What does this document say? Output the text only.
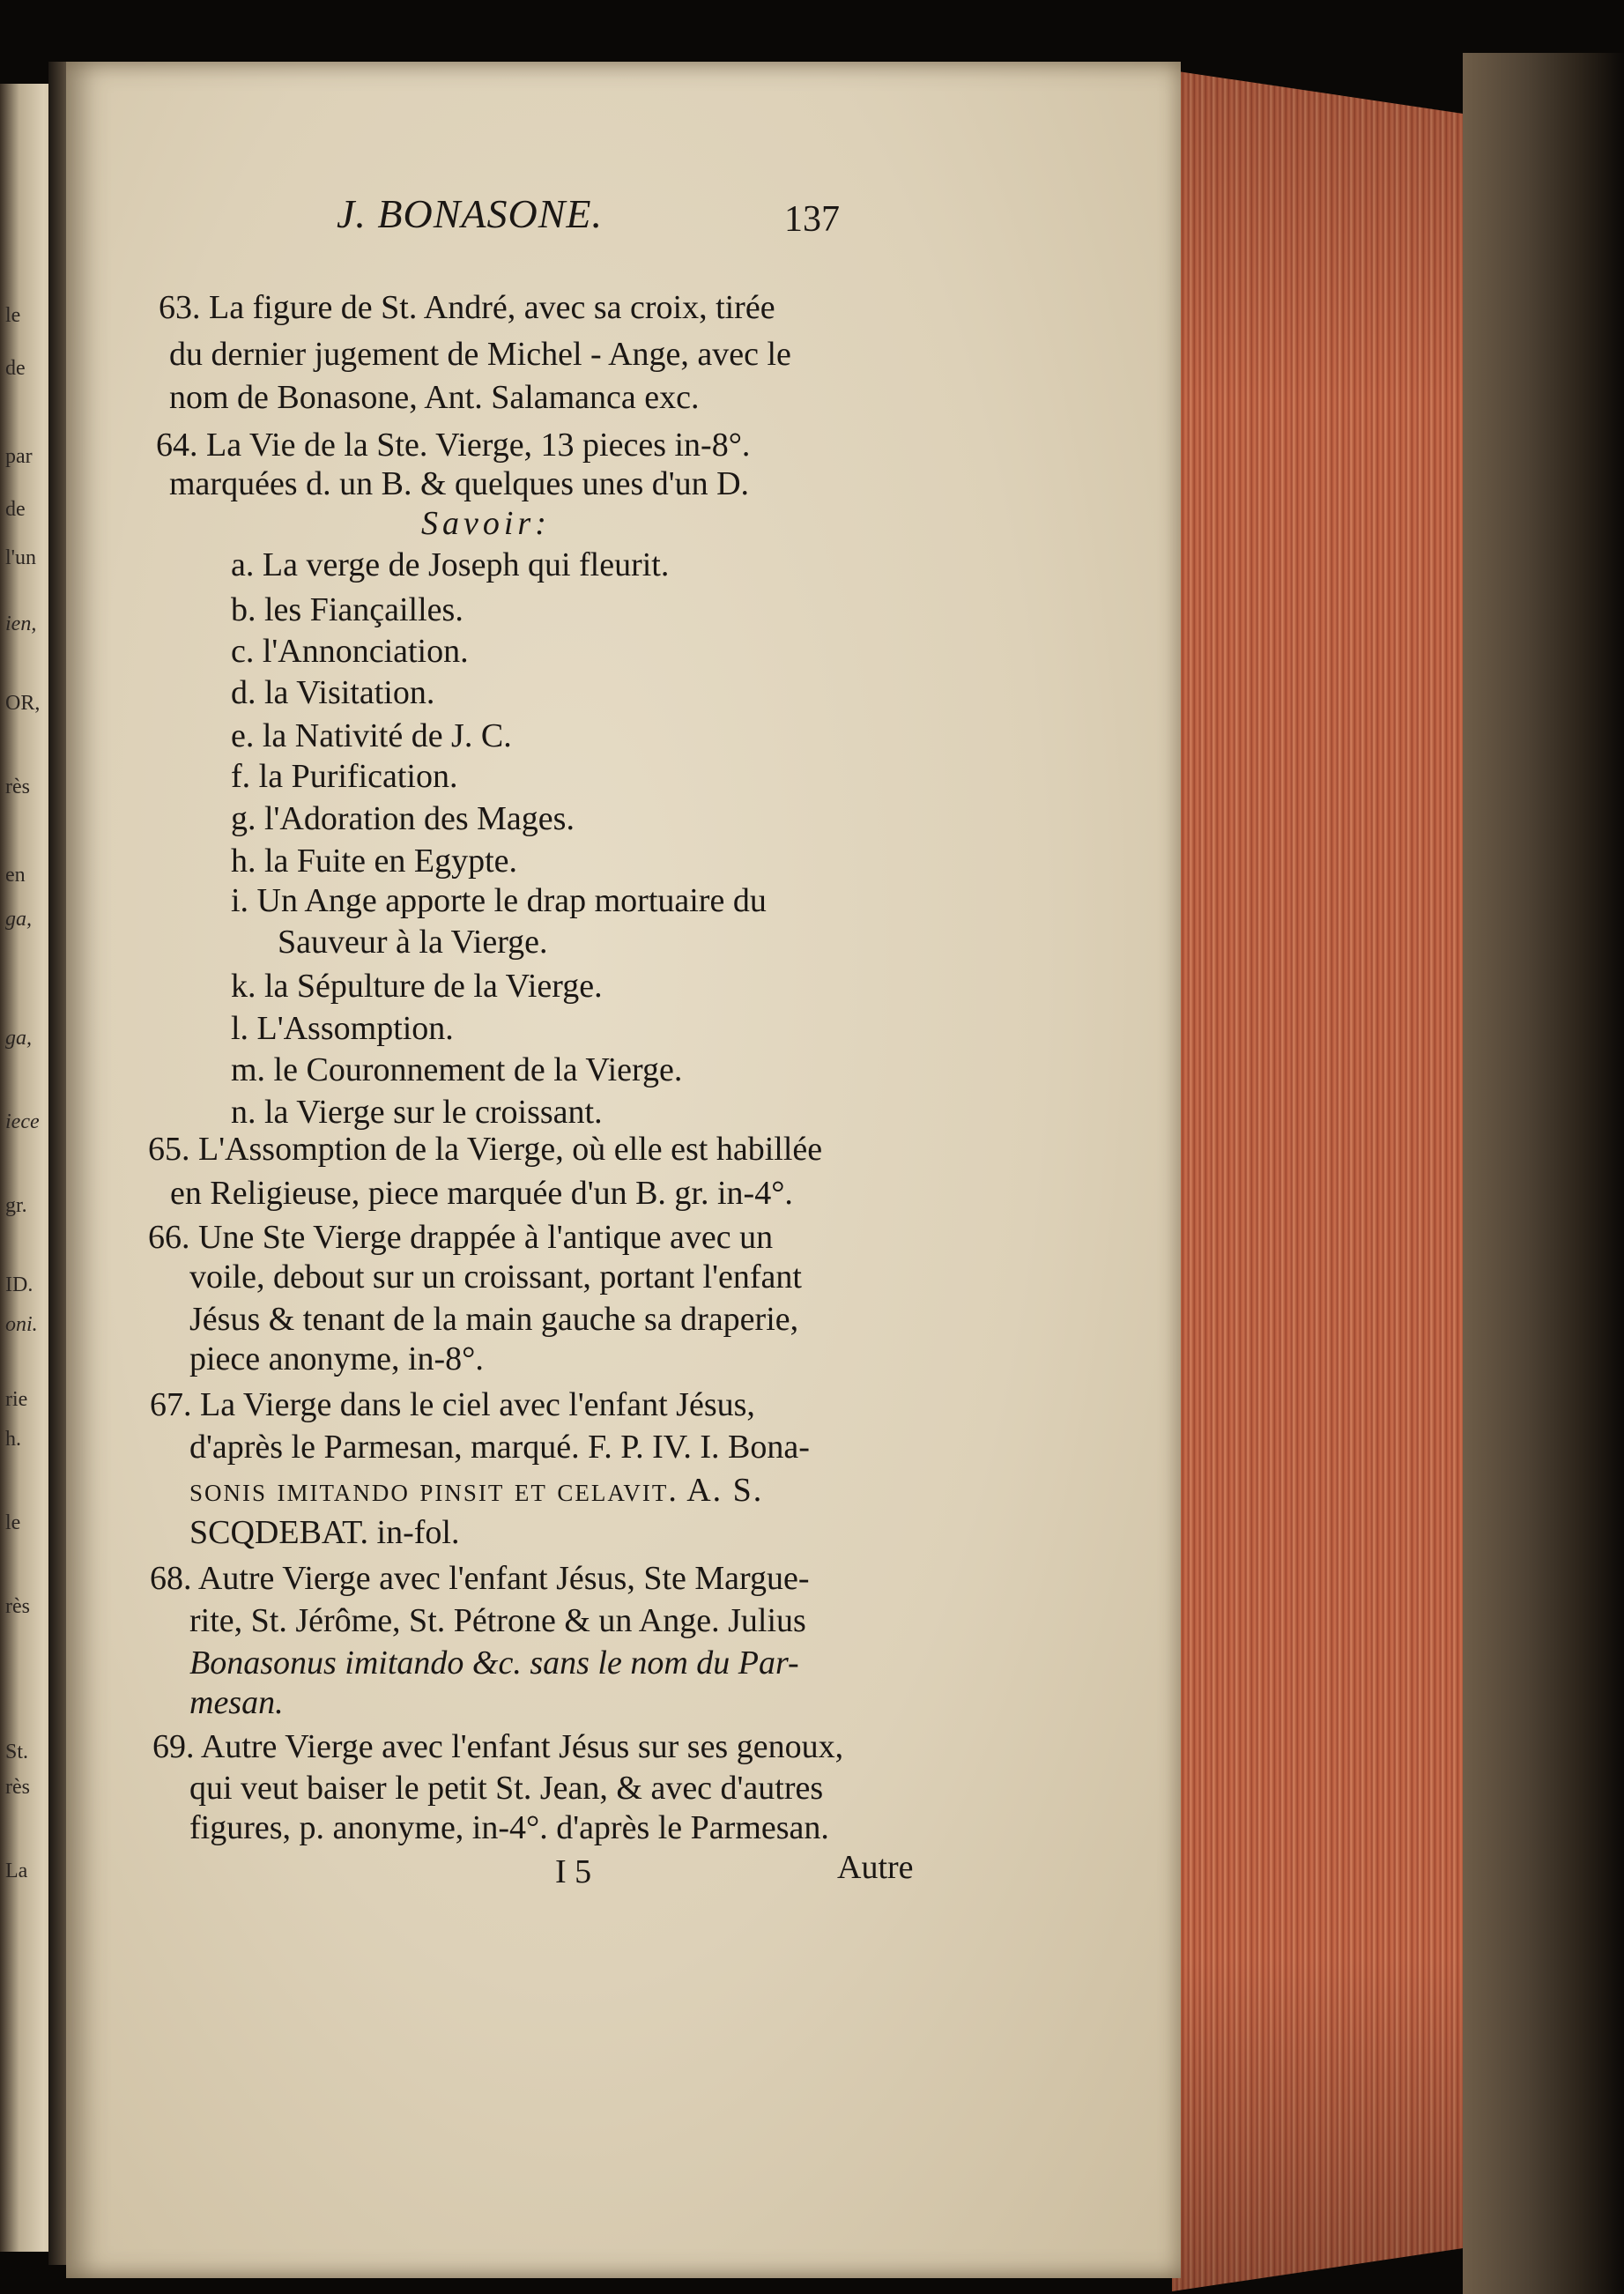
le
de
par
de
l'un
ien,
OR,
rès
en
ga,
ga,
iece
gr.
ID.
oni.
rie
h.
le
rès
St.
rès
La
J. BONASONE.	137
63. La figure de St. André, avec sa croix, tirée
du dernier jugement de Michel - Ange, avec le
nom de Bonasone, Ant. Salamanca exc.
64. La Vie de la Ste. Vierge, 13 pieces in-8°.
marquées d. un B. & quelques unes d'un D.
Savoir:
a. La verge de Joseph qui fleurit.
b. les Fiançailles.
c. l'Annonciation.
d. la Visitation.
e. la Nativité de J. C.
f. la Purification.
g. l'Adoration des Mages.
h. la Fuite en Egypte.
i. Un Ange apporte le drap mortuaire du
Sauveur à la Vierge.
k. la Sépulture de la Vierge.
l. L'Assomption.
m. le Couronnement de la Vierge.
n. la Vierge sur le croissant.
65. L'Assomption de la Vierge, où elle est habillée
en Religieuse, piece marquée d'un B. gr. in-4°.
66. Une Ste Vierge drappée à l'antique avec un
voile, debout sur un croissant, portant l'enfant
Jésus & tenant de la main gauche sa draperie,
piece anonyme, in-8°.
67. La Vierge dans le ciel avec l'enfant Jésus,
d'après le Parmesan, marqué. F. P. IV. I. Bona-
sonis imitando pinsit et celavit. A. S.
SCQDEBAT. in-fol.
68. Autre Vierge avec l'enfant Jésus, Ste Margue-
rite, St. Jérôme, St. Pétrone & un Ange. Julius
Bonasonus imitando &c. sans le nom du Par-
mesan.
69. Autre Vierge avec l'enfant Jésus sur ses genoux,
qui veut baiser le petit St. Jean, & avec d'autres
figures, p. anonyme, in-4°. d'après le Parmesan.
I 5	Autre
